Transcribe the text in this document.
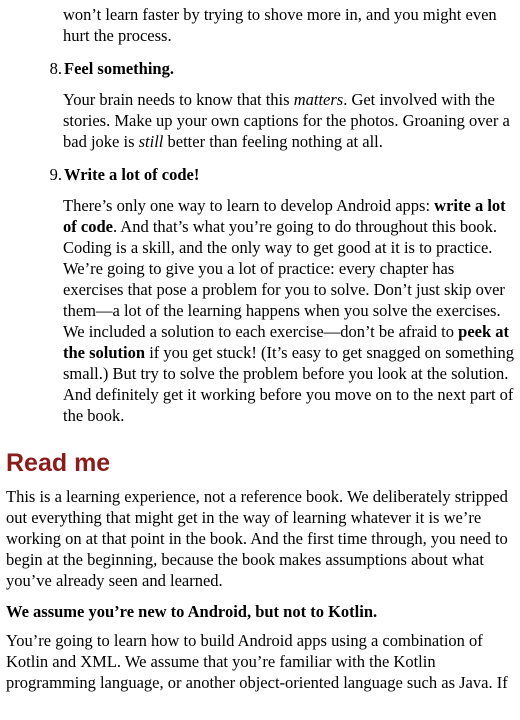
won’t learn faster by trying to shove more in, and you might even hurt the process.

8. Feel something.

Your brain needs to know that this matters. Get involved with the stories. Make up your own captions for the photos. Groaning over a bad joke is still better than feeling nothing at all.

9. Write a lot of code!

There’s only one way to learn to develop Android apps: write a lot of code. And that’s what you’re going to do throughout this book. Coding is a skill, and the only way to get good at it is to practice. We’re going to give you a lot of practice: every chapter has exercises that pose a problem for you to solve. Don’t just skip over them—a lot of the learning happens when you solve the exercises. We included a solution to each exercise—don’t be afraid to peek at the solution if you get stuck! (It’s easy to get snagged on something small.) But try to solve the problem before you look at the solution. And definitely get it working before you move on to the next part of the book.

Read me

This is a learning experience, not a reference book. We deliberately stripped out everything that might get in the way of learning whatever it is we’re working on at that point in the book. And the first time through, you need to begin at the beginning, because the book makes assumptions about what you’ve already seen and learned.

We assume you’re new to Android, but not to Kotlin.

You’re going to learn how to build Android apps using a combination of Kotlin and XML. We assume that you’re familiar with the Kotlin programming language, or another object-oriented language such as Java. If
